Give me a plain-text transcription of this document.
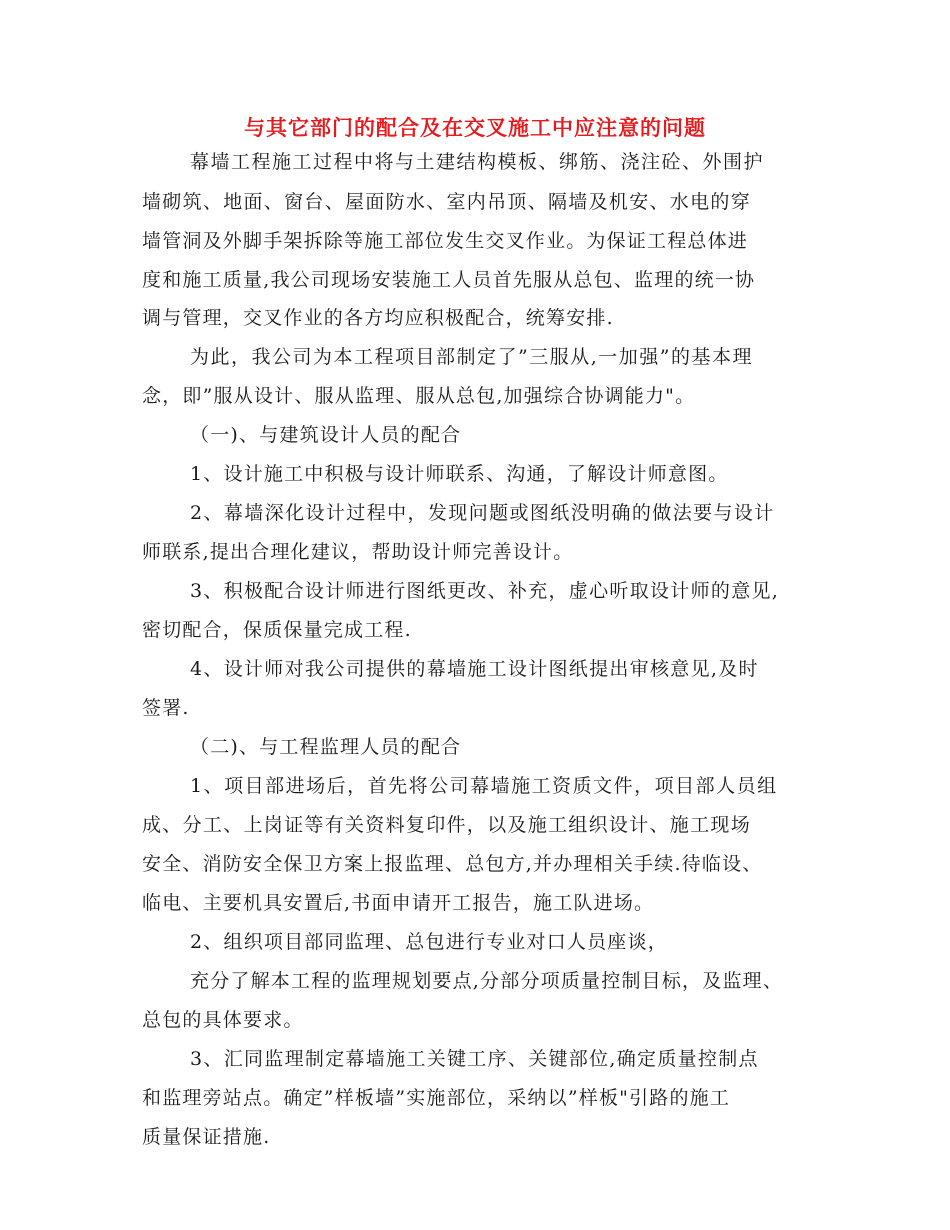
与其它部门的配合及在交叉施工中应注意的问题

幕墙工程施工过程中将与土建结构模板、绑筋、浇注砼、外围护

墙砌筑、地面、窗台、屋面防水、室内吊顶、隔墙及机安、水电的穿

墙管洞及外脚手架拆除等施工部位发生交叉作业。为保证工程总体进

度和施工质量,我公司现场安装施工人员首先服从总包、监理的统一协

调与管理，交叉作业的各方均应积极配合，统筹安排.

为此，我公司为本工程项目部制定了”三服从,一加强”的基本理

念，即”服从设计、服从监理、服从总包,加强综合协调能力"。

（一)、与建筑设计人员的配合

1、设计施工中积极与设计师联系、沟通，了解设计师意图。

2、幕墙深化设计过程中，发现问题或图纸没明确的做法要与设计

师联系,提出合理化建议，帮助设计师完善设计。

3、积极配合设计师进行图纸更改、补充，虚心听取设计师的意见,

密切配合，保质保量完成工程.

4、设计师对我公司提供的幕墙施工设计图纸提出审核意见,及时

签署.

（二)、与工程监理人员的配合

1、项目部进场后，首先将公司幕墙施工资质文件，项目部人员组

成、分工、上岗证等有关资料复印件，以及施工组织设计、施工现场

安全、消防安全保卫方案上报监理、总包方,并办理相关手续.待临设、

临电、主要机具安置后,书面申请开工报告，施工队进场。

2、组织项目部同监理、总包进行专业对口人员座谈，

充分了解本工程的监理规划要点,分部分项质量控制目标，及监理、

总包的具体要求。

3、汇同监理制定幕墙施工关键工序、关键部位,确定质量控制点

和监理旁站点。确定”样板墙”实施部位，采纳以”样板"引路的施工

质量保证措施.
